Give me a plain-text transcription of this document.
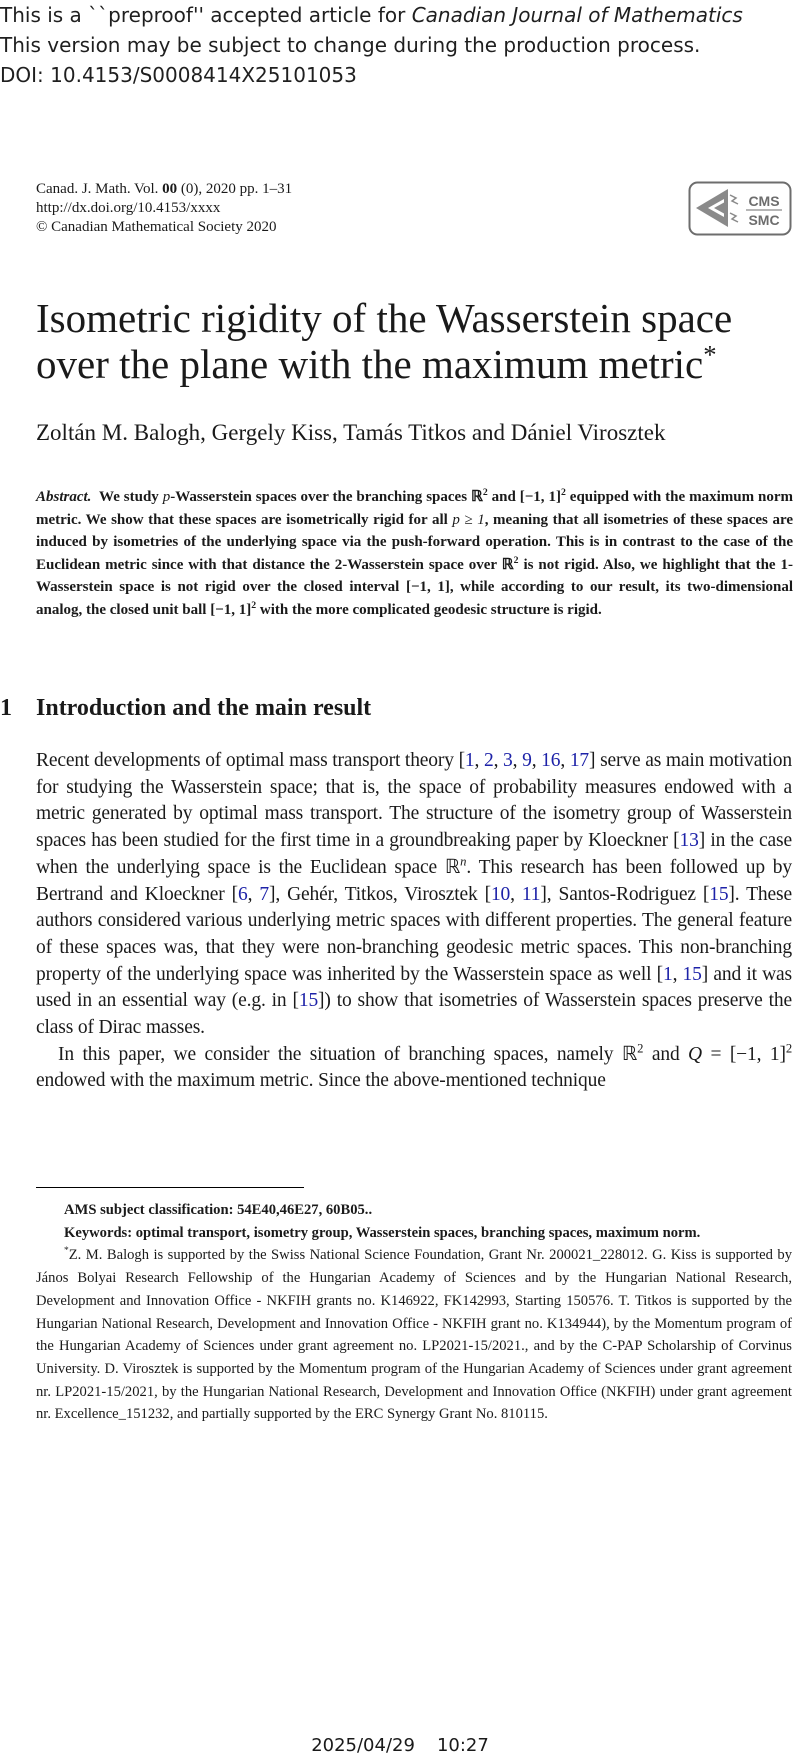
This is a ``preproof'' accepted article for Canadian Journal of Mathematics
This version may be subject to change during the production process.
DOI: 10.4153/S0008414X25101053
Canad. J. Math. Vol. 00 (0), 2020 pp. 1–31
http://dx.doi.org/10.4153/xxxx
© Canadian Mathematical Society 2020
CMS
SMC
Isometric rigidity of the Wasserstein space
over the plane with the maximum metric*
Zoltán M. Balogh, Gergely Kiss, Tamás Titkos and Dániel Virosztek

Abstract. We study p-Wasserstein spaces over the branching spaces ℝ$^2$ and [−1, 1]$^2$ equipped with the maximum norm metric. We show that these spaces are isometrically rigid for all p ≥ 1, meaning that all isometries of these spaces are induced by isometries of the underlying space via the push-forward operation. This is in contrast to the case of the Euclidean metric since with that distance the 2-Wasserstein space over ℝ$^2$ is not rigid. Also, we highlight that the 1-Wasserstein space is not rigid over the closed interval [−1, 1], while according to our result, its two-dimensional analog, the closed unit ball [−1, 1]$^2$ with the more complicated geodesic structure is rigid.

1 Introduction and the main result

Recent developments of optimal mass transport theory [1, 2, 3, 9, 16, 17] serve as main motivation for studying the Wasserstein space; that is, the space of probability measures endowed with a metric generated by optimal mass transport. The structure of the isometry group of Wasserstein spaces has been studied for the first time in a groundbreaking paper by Kloeckner [13] in the case when the underlying space is the Euclidean space ℝ$^n$. This research has been followed up by Bertrand and Kloeckner [6, 7], Gehér, Titkos, Virosztek [10, 11], Santos-Rodriguez [15]. These authors considered various underlying metric spaces with different properties. The general feature of these spaces was, that they were non-branching geodesic metric spaces. This non-branching property of the underlying space was inherited by the Wasserstein space as well [1, 15] and it was used in an essential way (e.g. in [15]) to show that isometries of Wasserstein spaces preserve the class of Dirac masses.

In this paper, we consider the situation of branching spaces, namely ℝ$^2$ and Q = [−1, 1]$^2$ endowed with the maximum metric. Since the above-mentioned technique

AMS subject classification: 54E40,46E27, 60B05..

Keywords: optimal transport, isometry group, Wasserstein spaces, branching spaces, maximum norm.

*Z. M. Balogh is supported by the Swiss National Science Foundation, Grant Nr. 200021_228012. G. Kiss is supported by János Bolyai Research Fellowship of the Hungarian Academy of Sciences and by the Hungarian National Research, Development and Innovation Office - NKFIH grants no. K146922, FK142993, Starting 150576. T. Titkos is supported by the Hungarian National Research, Development and Innovation Office - NKFIH grant no. K134944), by the Momentum program of the Hungarian Academy of Sciences under grant agreement no. LP2021-15/2021., and by the C-PAP Scholarship of Corvinus University. D. Virosztek is supported by the Momentum program of the Hungarian Academy of Sciences under grant agreement nr. LP2021-15/2021, by the Hungarian National Research, Development and Innovation Office (NKFIH) under grant agreement nr. Excellence_151232, and partially supported by the ERC Synergy Grant No. 810115.

2025/04/29 10:27
